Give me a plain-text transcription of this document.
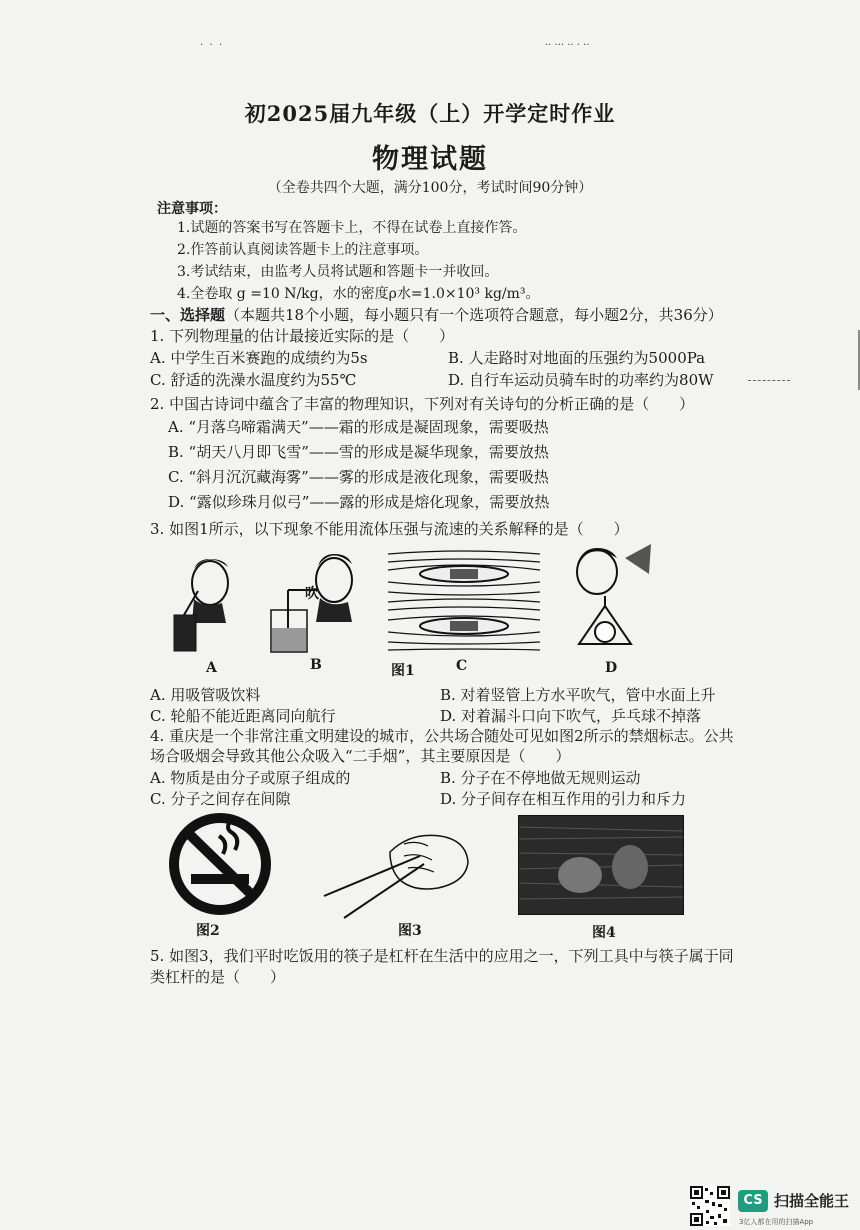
·  ·  ·	·· ··· ·· · ··
初2025届九年级（上）开学定时作业
物理试题
（全卷共四个大题，满分100分，考试时间90分钟）
注意事项：
1.试题的答案书写在答题卡上，不得在试卷上直接作答。
2.作答前认真阅读答题卡上的注意事项。
3.考试结束，由监考人员将试题和答题卡一并收回。
4.全卷取 g =10 N/kg，水的密度ρ水=1.0×10³ kg/m³。
一、选择题（本题共18个小题，每小题只有一个选项符合题意，每小题2分，共36分）
1. 下列物理量的估计最接近实际的是（　　）
A. 中学生百米赛跑的成绩约为5s	B. 人走路时对地面的压强约为5000Pa
C. 舒适的洗澡水温度约为55℃	D. 自行车运动员骑车时的功率约为80W
2. 中国古诗词中蕴含了丰富的物理知识，下列对有关诗句的分析正确的是（　　）
A. “月落乌啼霜满天”——霜的形成是凝固现象，需要吸热
B. “胡天八月即飞雪”——雪的形成是凝华现象，需要放热
C. “斜月沉沉藏海雾”——雾的形成是液化现象，需要吸热
D. “露似珍珠月似弓”——露的形成是熔化现象，需要放热
3. 如图1所示，以下现象不能用流体压强与流速的关系解释的是（　　）
吹
A	B	图1	C	D
A. 用吸管吸饮料	B. 对着竖管上方水平吹气，管中水面上升
C. 轮船不能近距离同向航行	D. 对着漏斗口向下吹气，乒乓球不掉落
4. 重庆是一个非常注重文明建设的城市，公共场合随处可见如图2所示的禁烟标志。公共
场合吸烟会导致其他公众吸入“二手烟”，其主要原因是（　　）
A. 物质是由分子或原子组成的	B. 分子在不停地做无规则运动
C. 分子之间存在间隙	D. 分子间存在相互作用的引力和斥力
图2	图3	图4
5. 如图3，我们平时吃饭用的筷子是杠杆在生活中的应用之一，下列工具中与筷子属于同
类杠杆的是（　　）
CS 扫描全能王
3亿人都在用的扫描App
